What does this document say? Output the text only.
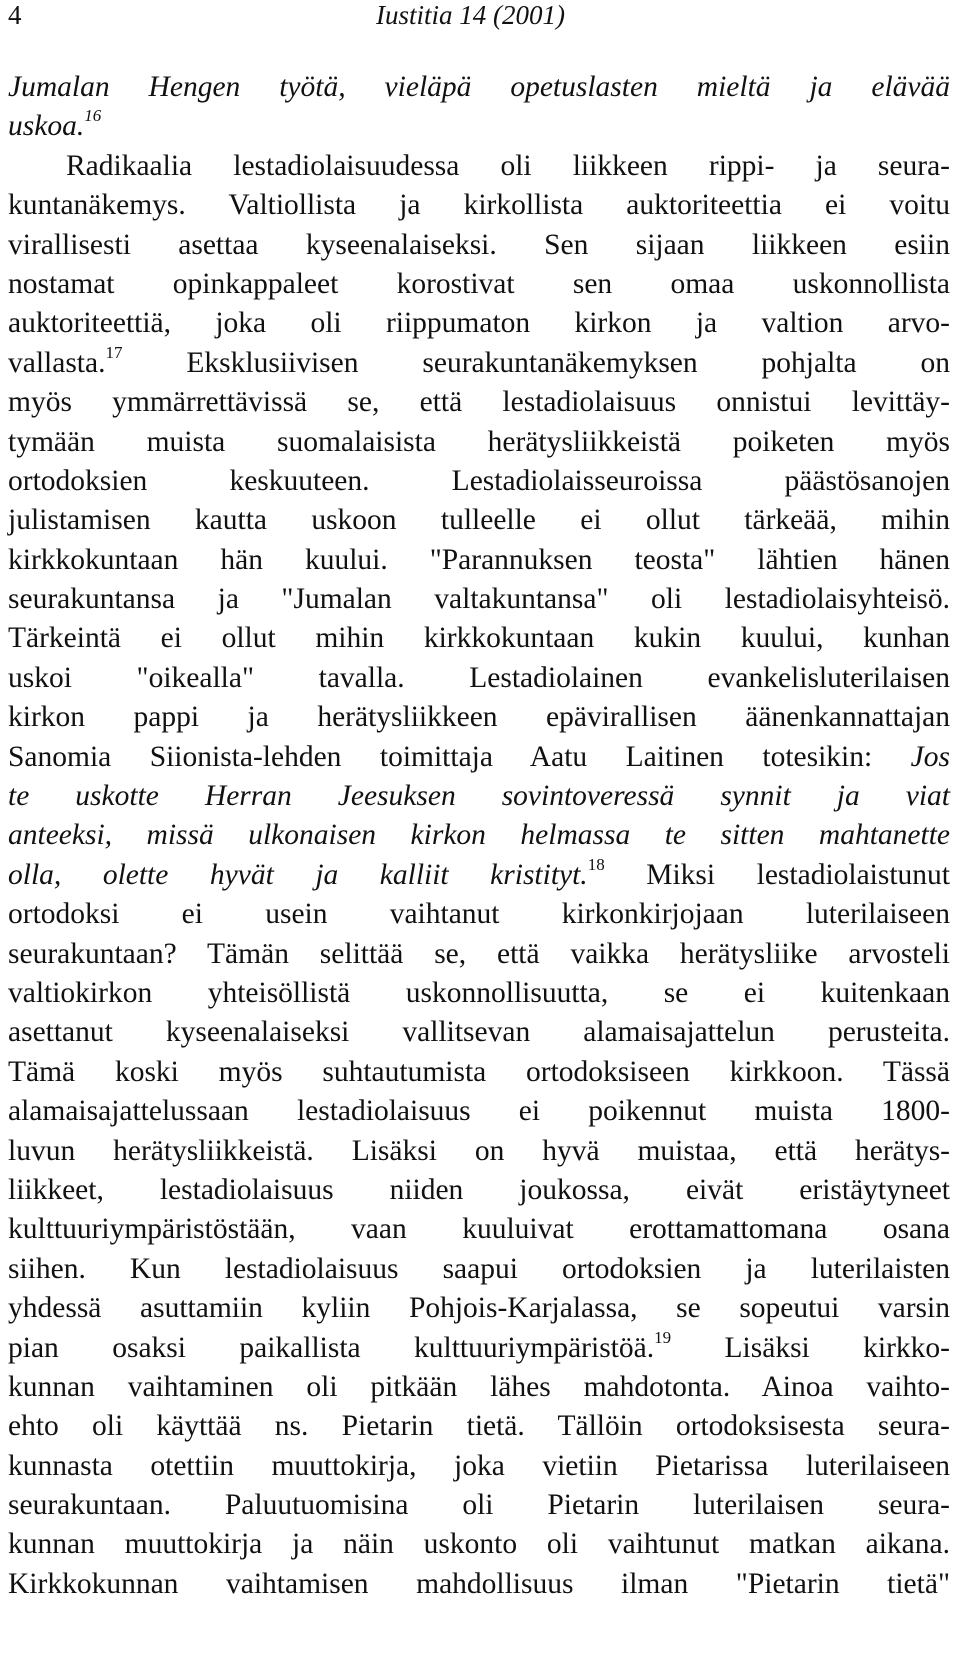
4	Iustitia 14 (2001)
Jumalan Hengen työtä, vieläpä opetuslasten mieltä ja elävää
uskoa.$^{16}$
Radikaalia lestadiolaisuudessa oli liikkeen rippi- ja seura-
kuntanäkemys. Valtiollista ja kirkollista auktoriteettia ei voitu
virallisesti asettaa kyseenalaiseksi. Sen sijaan liikkeen esiin
nostamat opinkappaleet korostivat sen omaa uskonnollista
auktoriteettiä, joka oli riippumaton kirkon ja valtion arvo-
vallasta.$^{17}$ Eksklusiivisen seurakuntanäkemyksen pohjalta on
myös ymmärrettävissä se, että lestadiolaisuus onnistui levittäy-
tymään muista suomalaisista herätysliikkeistä poiketen myös
ortodoksien keskuuteen. Lestadiolaisseuroissa päästösanojen
julistamisen kautta uskoon tulleelle ei ollut tärkeää, mihin
kirkkokuntaan hän kuului. "Parannuksen teosta" lähtien hänen
seurakuntansa ja "Jumalan valtakuntansa" oli lestadiolaisyhteisö.
Tärkeintä ei ollut mihin kirkkokuntaan kukin kuului, kunhan
uskoi "oikealla" tavalla. Lestadiolainen evankelisluterilaisen
kirkon pappi ja herätysliikkeen epävirallisen äänenkannattajan
Sanomia Siionista-lehden toimittaja Aatu Laitinen totesikin: Jos
te uskotte Herran Jeesuksen sovintoveressä synnit ja viat
anteeksi, missä ulkonaisen kirkon helmassa te sitten mahtanette
olla, olette hyvät ja kalliit kristityt.$^{18}$ Miksi lestadiolaistunut
ortodoksi ei usein vaihtanut kirkonkirjojaan luterilaiseen
seurakuntaan? Tämän selittää se, että vaikka herätysliike arvosteli
valtiokirkon yhteisöllistä uskonnollisuutta, se ei kuitenkaan
asettanut kyseenalaiseksi vallitsevan alamaisajattelun perusteita.
Tämä koski myös suhtautumista ortodoksiseen kirkkoon. Tässä
alamaisajattelussaan lestadiolaisuus ei poikennut muista 1800-
luvun herätysliikkeistä. Lisäksi on hyvä muistaa, että herätys-
liikkeet, lestadiolaisuus niiden joukossa, eivät eristäytyneet
kulttuuriympäristöstään, vaan kuuluivat erottamattomana osana
siihen. Kun lestadiolaisuus saapui ortodoksien ja luterilaisten
yhdessä asuttamiin kyliin Pohjois-Karjalassa, se sopeutui varsin
pian osaksi paikallista kulttuuriympäristöä.$^{19}$ Lisäksi kirkko-
kunnan vaihtaminen oli pitkään lähes mahdotonta. Ainoa vaihto-
ehto oli käyttää ns. Pietarin tietä. Tällöin ortodoksisesta seura-
kunnasta otettiin muuttokirja, joka vietiin Pietarissa luterilaiseen
seurakuntaan. Paluutuomisina oli Pietarin luterilaisen seura-
kunnan muuttokirja ja näin uskonto oli vaihtunut matkan aikana.
Kirkkokunnan vaihtamisen mahdollisuus ilman "Pietarin tietä"
